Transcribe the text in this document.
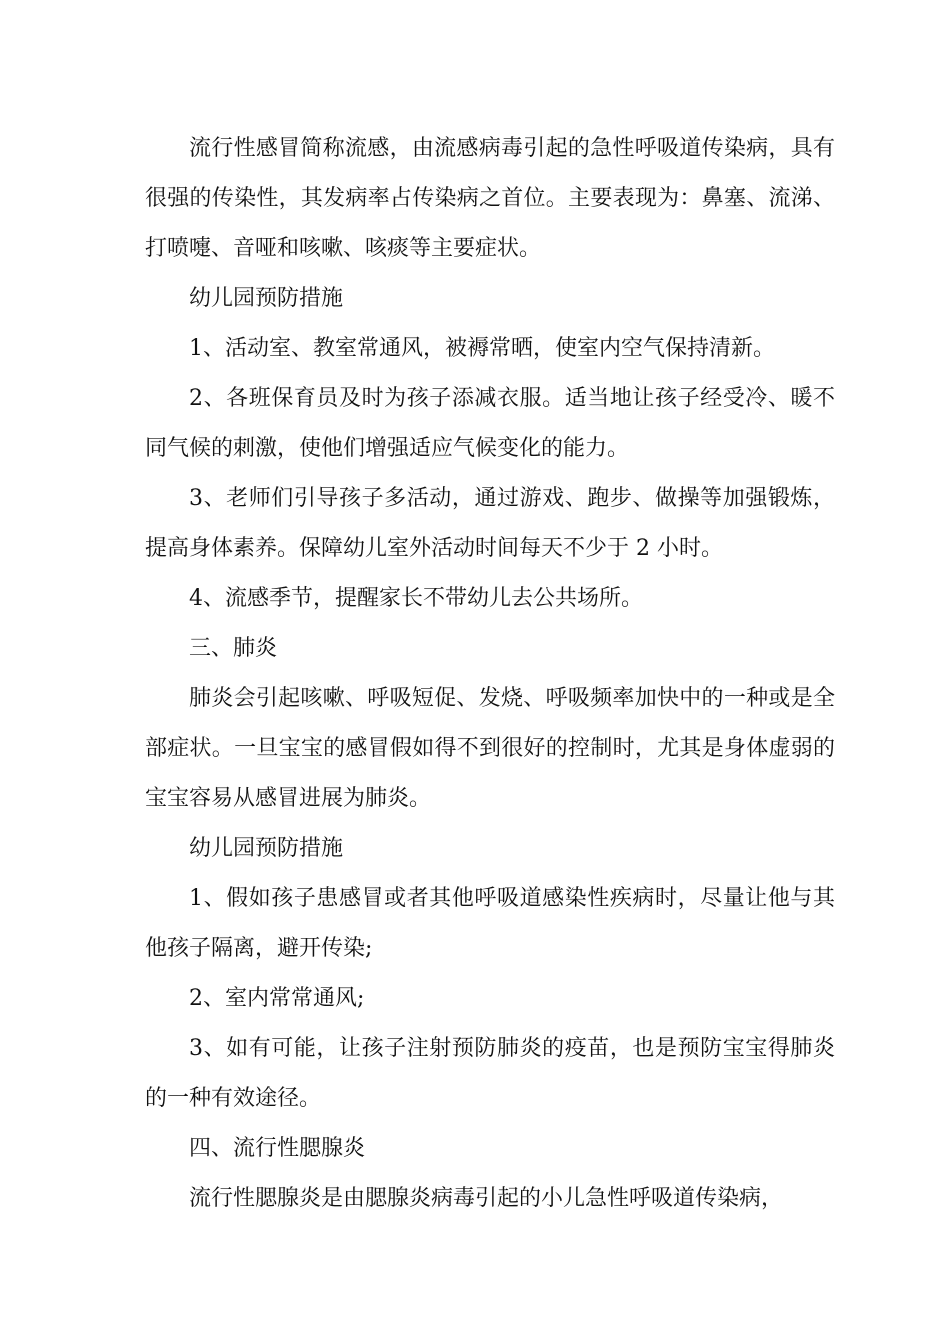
流行性感冒简称流感，由流感病毒引起的急性呼吸道传染病，具有很强的传染性，其发病率占传染病之首位。主要表现为：鼻塞、流涕、打喷嚏、音哑和咳嗽、咳痰等主要症状。

幼儿园预防措施

1、活动室、教室常通风，被褥常晒，使室内空气保持清新。

2、各班保育员及时为孩子添减衣服。适当地让孩子经受冷、暖不同气候的刺激，使他们增强适应气候变化的能力。

3、老师们引导孩子多活动，通过游戏、跑步、做操等加强锻炼，提高身体素养。保障幼儿室外活动时间每天不少于 2 小时。

4、流感季节，提醒家长不带幼儿去公共场所。

三、肺炎

肺炎会引起咳嗽、呼吸短促、发烧、呼吸频率加快中的一种或是全部症状。一旦宝宝的感冒假如得不到很好的控制时，尤其是身体虚弱的宝宝容易从感冒进展为肺炎。

幼儿园预防措施

1、假如孩子患感冒或者其他呼吸道感染性疾病时，尽量让他与其他孩子隔离，避开传染;

2、室内常常通风;

3、如有可能，让孩子注射预防肺炎的疫苗，也是预防宝宝得肺炎的一种有效途径。

四、流行性腮腺炎

流行性腮腺炎是由腮腺炎病毒引起的小儿急性呼吸道传染病，
